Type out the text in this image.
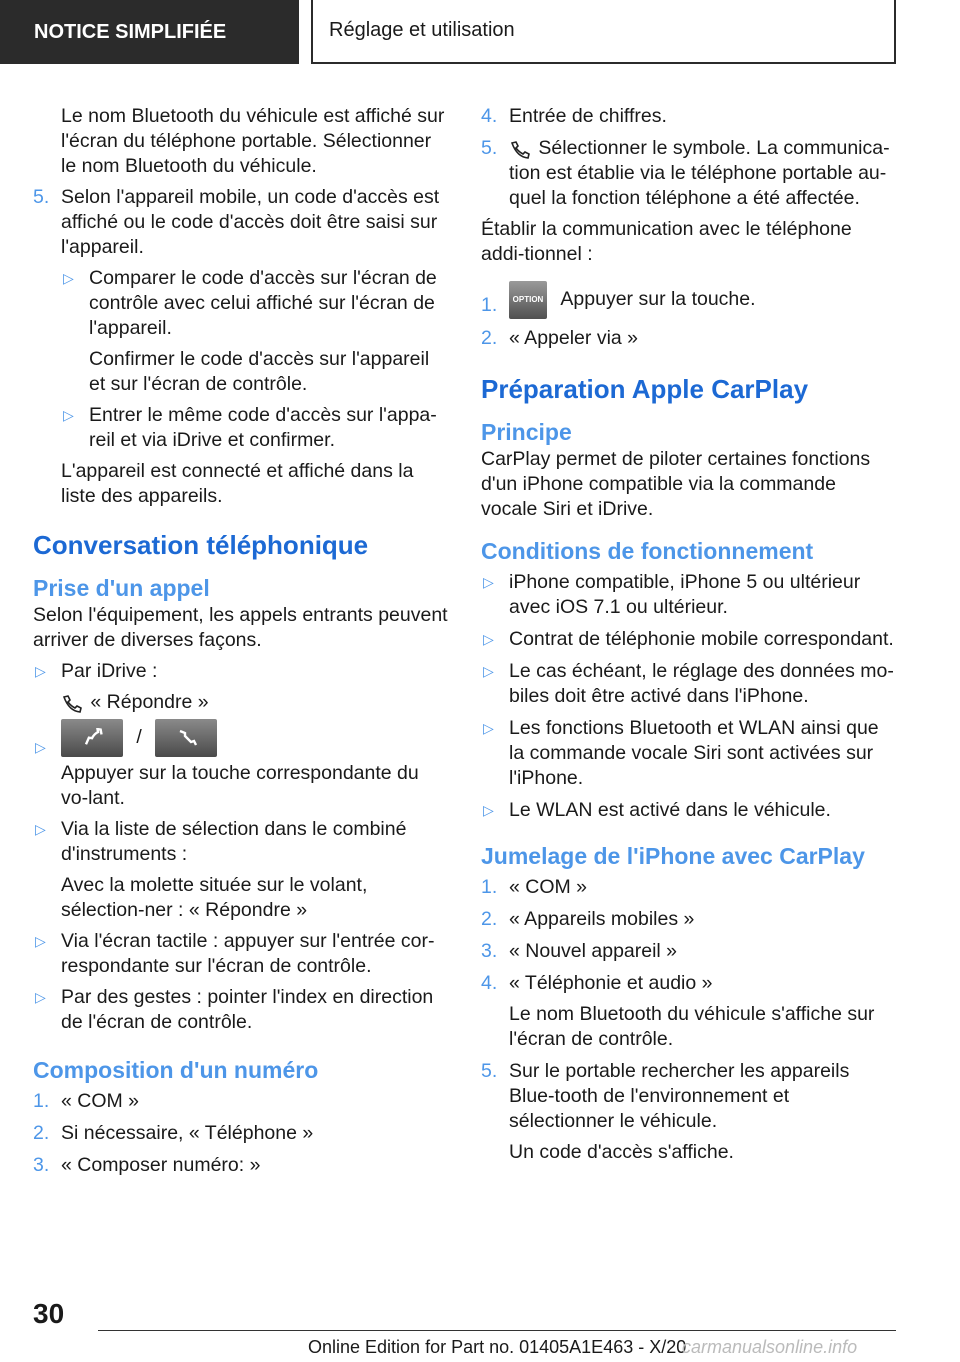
NOTICE SIMPLIFIÉE	Réglage et utilisation

Le nom Bluetooth du véhicule est affiché sur l'écran du téléphone portable. Sélectionner le nom Bluetooth du véhicule.

5. Selon l'appareil mobile, un code d'accès est affiché ou le code d'accès doit être saisi sur l'appareil.
▷ Comparer le code d'accès sur l'écran de contrôle avec celui affiché sur l'écran de l'appareil.

Confirmer le code d'accès sur l'appareil et sur l'écran de contrôle.

▷ Entrer le même code d'accès sur l'appa‐reil et via iDrive et confirmer.

L'appareil est connecté et affiché dans la liste des appareils.

Conversation téléphonique

Prise d'un appel

Selon l'équipement, les appels entrants peuvent arriver de diverses façons.

▷ Par iDrive :

« Répondre »

▷	/

Appuyer sur la touche correspondante du vo‐lant.

▷ Via la liste de sélection dans le combiné d'instruments :

Avec la molette située sur le volant, sélection‐ner : « Répondre »

▷ Via l'écran tactile : appuyer sur l'entrée cor‐respondante sur l'écran de contrôle.
▷ Par des gestes : pointer l'index en direction de l'écran de contrôle.

Composition d'un numéro

1. « COM »
2. Si nécessaire, « Téléphone »
3. « Composer numéro: »
4. Entrée de chiffres.
5. Sélectionner le symbole. La communica‐tion est établie via le téléphone portable au‐quel la fonction téléphone a été affectée.

Établir la communication avec le téléphone addi‐tionnel :

1. OPTION Appuyer sur la touche.
2. « Appeler via »

Préparation Apple CarPlay

Principe

CarPlay permet de piloter certaines fonctions d'un iPhone compatible via la commande vocale Siri et iDrive.

Conditions de fonctionnement

▷ iPhone compatible, iPhone 5 ou ultérieur avec iOS 7.1 ou ultérieur.
▷ Contrat de téléphonie mobile correspondant.
▷ Le cas échéant, le réglage des données mo‐biles doit être activé dans l'iPhone.
▷ Les fonctions Bluetooth et WLAN ainsi que la commande vocale Siri sont activées sur l'iPhone.
▷ Le WLAN est activé dans le véhicule.

Jumelage de l'iPhone avec CarPlay

1. « COM »
2. « Appareils mobiles »
3. « Nouvel appareil »
4. « Téléphonie et audio »

Le nom Bluetooth du véhicule s'affiche sur l'écran de contrôle.

5. Sur le portable rechercher les appareils Blue‐tooth de l'environnement et sélectionner le véhicule.

Un code d'accès s'affiche.

30
Online Edition for Part no. 01405A1E463 - X/20
carmanualsonline.info
